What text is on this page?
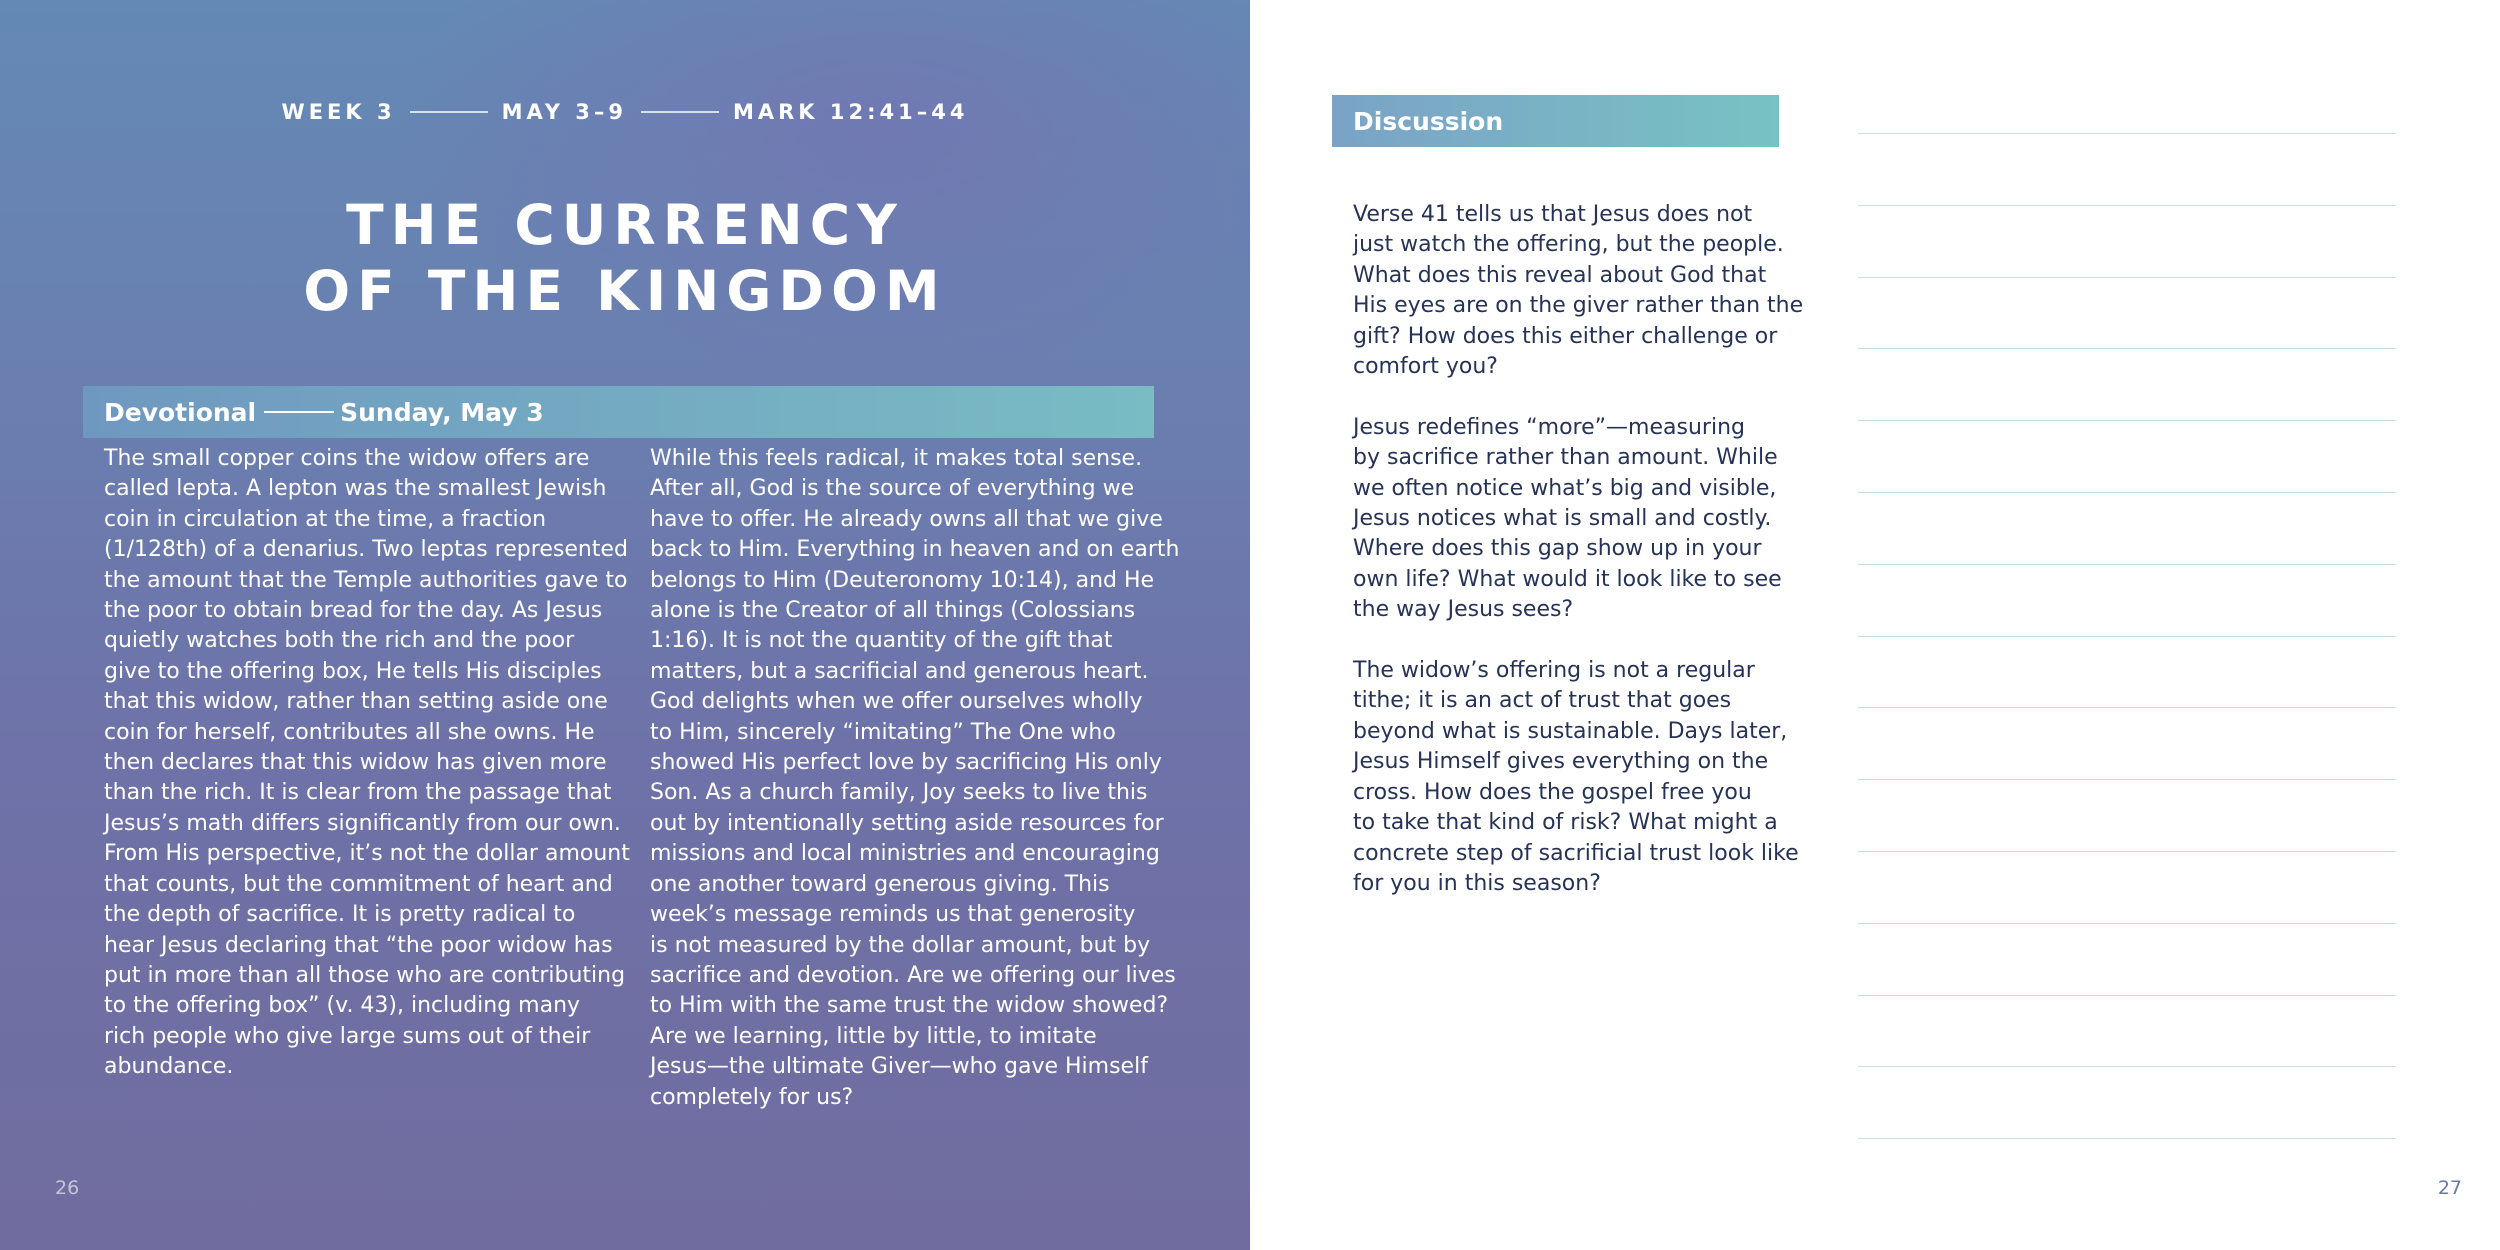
WEEK 3	MAY 3–9	MARK 12:41–44
THE CURRENCY
OF THE KINGDOM
Devotional	Sunday, May 3
The small copper coins the widow offers are
called lepta. A lepton was the smallest Jewish
coin in circulation at the time, a fraction
(1/128th) of a denarius. Two leptas represented
the amount that the Temple authorities gave to
the poor to obtain bread for the day. As Jesus
quietly watches both the rich and the poor
give to the offering box, He tells His disciples
that this widow, rather than setting aside one
coin for herself, contributes all she owns. He
then declares that this widow has given more
than the rich. It is clear from the passage that
Jesus’s math differs significantly from our own.
From His perspective, it’s not the dollar amount
that counts, but the commitment of heart and
the depth of sacrifice. It is pretty radical to
hear Jesus declaring that “the poor widow has
put in more than all those who are contributing
to the offering box” (v. 43), including many
rich people who give large sums out of their
abundance.
While this feels radical, it makes total sense.
After all, God is the source of everything we
have to offer. He already owns all that we give
back to Him. Everything in heaven and on earth
belongs to Him (Deuteronomy 10:14), and He
alone is the Creator of all things (Colossians
1:16). It is not the quantity of the gift that
matters, but a sacrificial and generous heart.
God delights when we offer ourselves wholly
to Him, sincerely “imitating” The One who
showed His perfect love by sacrificing His only
Son. As a church family, Joy seeks to live this
out by intentionally setting aside resources for
missions and local ministries and encouraging
one another toward generous giving. This
week’s message reminds us that generosity
is not measured by the dollar amount, but by
sacrifice and devotion. Are we offering our lives
to Him with the same trust the widow showed?
Are we learning, little by little, to imitate
Jesus—the ultimate Giver—who gave Himself
completely for us?
26
Discussion

Verse 41 tells us that Jesus does not
just watch the offering, but the people.
What does this reveal about God that
His eyes are on the giver rather than the
gift? How does this either challenge or
comfort you?

Jesus redefines “more”—measuring
by sacrifice rather than amount. While
we often notice what’s big and visible,
Jesus notices what is small and costly.
Where does this gap show up in your
own life? What would it look like to see
the way Jesus sees?

The widow’s offering is not a regular
tithe; it is an act of trust that goes
beyond what is sustainable. Days later,
Jesus Himself gives everything on the
cross. How does the gospel free you
to take that kind of risk? What might a
concrete step of sacrificial trust look like
for you in this season?

27
